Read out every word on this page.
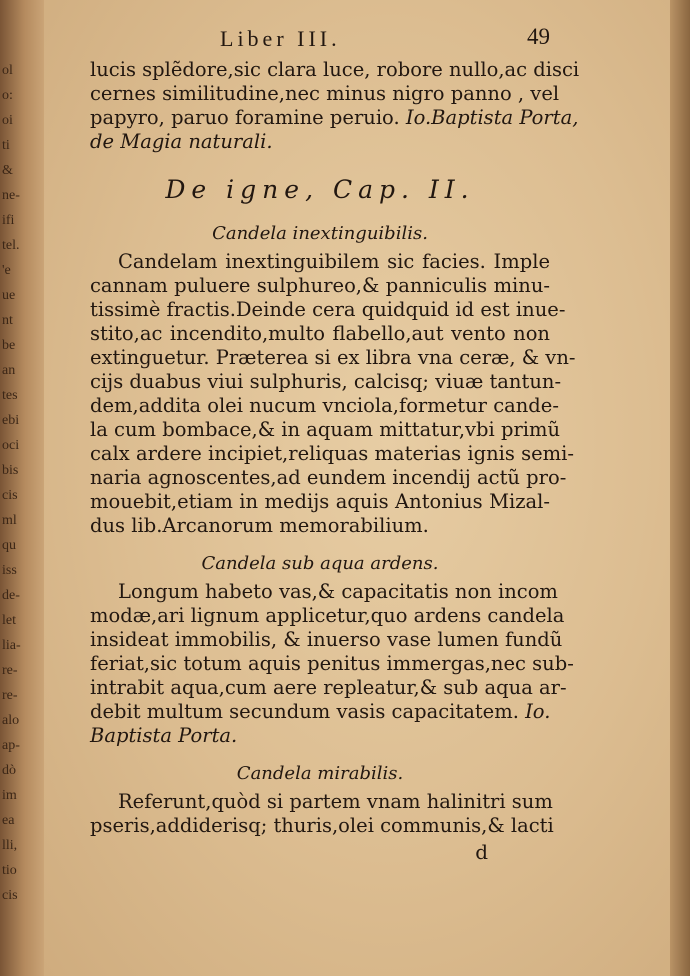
ol
o:
oi
ti
&
ne-
ifi
tel.
'e
ue
nt
be
an
tes
ebi
oci
bis
cis
ml
qu
iss
de-
let
lia-
re-
re-
alo
ap-
dò
im
ea
lli,
tio
cis
Liber III.	49
lucis splẽdore,sic clara luce, robore nullo,ac disci
cernes similitudine,nec minus nigro panno , vel
papyro, paruo foramine peruio. Io.Baptista Porta,
de Magia naturali.
De igne, Cap. II.
Candela inextinguibilis.
Candelam inextinguibilem sic facies. Imple
cannam puluere sulphureo,& panniculis minu-
tissimè fractis.Deinde cera quidquid id est inue-
stito,ac incendito,multo flabello,aut vento non
extinguetur. Præterea si ex libra vna ceræ, & vn-
cijs duabus viui sulphuris, calcisq; viuæ tantun-
dem,addita olei nucum vnciola,formetur cande-
la cum bombace,& in aquam mittatur,vbi primũ
calx ardere incipiet,reliquas materias ignis semi-
naria agnoscentes,ad eundem incendij actũ pro-
mouebit,etiam in medijs aquis Antonius Mizal-
dus lib.Arcanorum memorabilium.
Candela sub aqua ardens.
Longum habeto vas,& capacitatis non incom
modæ,ari lignum applicetur,quo ardens candela
insideat immobilis, & inuerso vase lumen fundũ
feriat,sic totum aquis penitus immergas,nec sub-
intrabit aqua,cum aere repleatur,& sub aqua ar-
debit multum secundum vasis capacitatem. Io.
Baptista Porta.
Candela mirabilis.
Referunt,quòd si partem vnam halinitri sum
pseris,addiderisq; thuris,olei communis,& lacti
d
